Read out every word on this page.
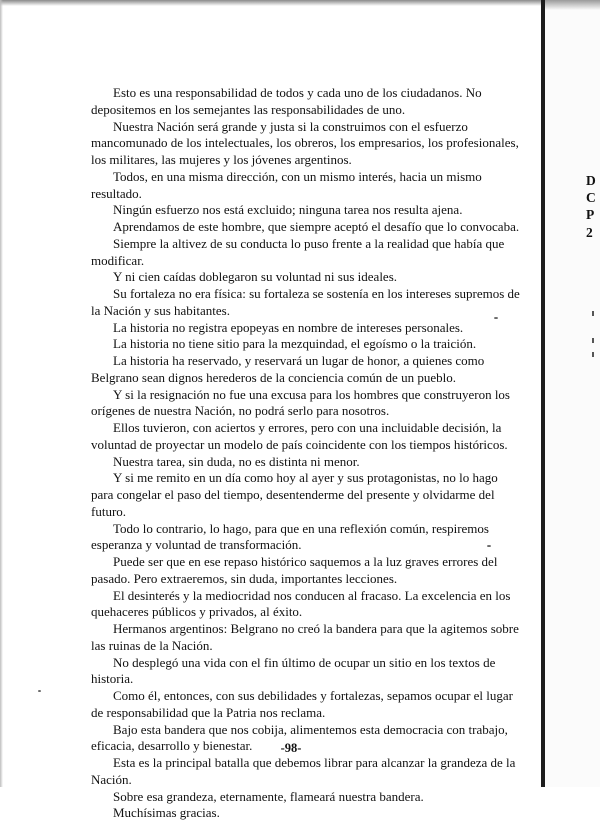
Esto es una responsabilidad de todos y cada uno de los ciudadanos. No depositemos en los semejantes las responsabilidades de uno.

Nuestra Nación será grande y justa si la construimos con el esfuerzo mancomunado de los intelectuales, los obreros, los empresarios, los profesionales, los militares, las mujeres y los jóvenes argentinos.

Todos, en una misma dirección, con un mismo interés, hacia un mismo resultado.

Ningún esfuerzo nos está excluido; ninguna tarea nos resulta ajena.

Aprendamos de este hombre, que siempre aceptó el desafío que lo convocaba.

Siempre la altivez de su conducta lo puso frente a la realidad que había que modificar.

Y ni cien caídas doblegaron su voluntad ni sus ideales.

Su fortaleza no era física: su fortaleza se sostenía en los intereses supremos de la Nación y sus habitantes.

La historia no registra epopeyas en nombre de intereses personales.

La historia no tiene sitio para la mezquindad, el egoísmo o la traición.

La historia ha reservado, y reservará un lugar de honor, a quienes como Belgrano sean dignos herederos de la conciencia común de un pueblo.

Y si la resignación no fue una excusa para los hombres que construyeron los orígenes de nuestra Nación, no podrá serlo para nosotros.

Ellos tuvieron, con aciertos y errores, pero con una incluidable decisión, la voluntad de proyectar un modelo de país coincidente con los tiempos históricos.

Nuestra tarea, sin duda, no es distinta ni menor.

Y si me remito en un día como hoy al ayer y sus protagonistas, no lo hago para congelar el paso del tiempo, desentenderme del presente y olvidarme del futuro.

Todo lo contrario, lo hago, para que en una reflexión común, respiremos esperanza y voluntad de transformación.

Puede ser que en ese repaso histórico saquemos a la luz graves errores del pasado. Pero extraeremos, sin duda, importantes lecciones.

El desinterés y la mediocridad nos conducen al fracaso. La excelencia en los quehaceres públicos y privados, al éxito.

Hermanos argentinos: Belgrano no creó la bandera para que la agitemos sobre las ruinas de la Nación.

No desplegó una vida con el fin último de ocupar un sitio en los textos de historia.

Como él, entonces, con sus debilidades y fortalezas, sepamos ocupar el lugar de responsabilidad que la Patria nos reclama.

Bajo esta bandera que nos cobija, alimentemos esta democracia con trabajo, eficacia, desarrollo y bienestar.

Esta es la principal batalla que debemos librar para alcanzar la grandeza de la Nación.

Sobre esa grandeza, eternamente, flameará nuestra bandera.

Muchísimas gracias.

-98-
D
C
P
2
